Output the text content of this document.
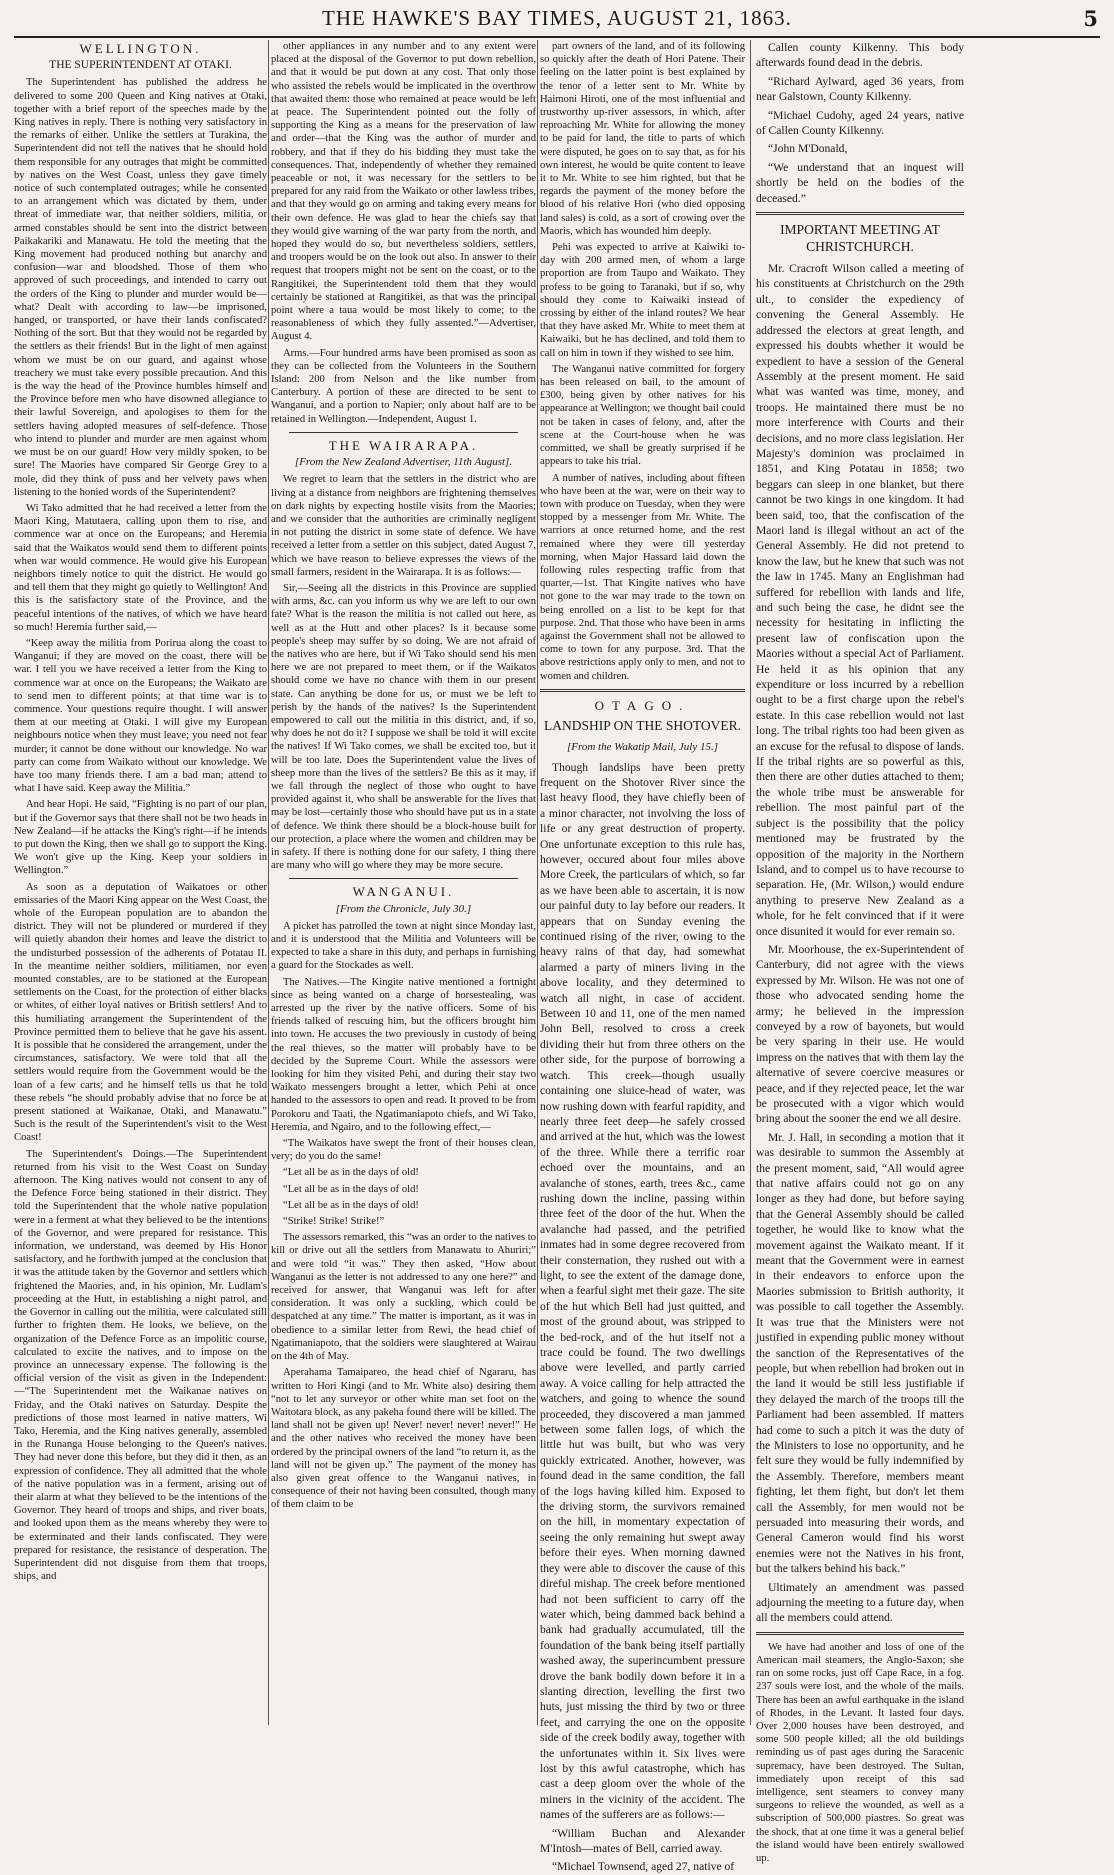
THE HAWKE'S BAY TIMES, AUGUST 21, 1863.	5
WELLINGTON.
THE SUPERINTENDENT AT OTAKI.

The Superintendent has published the address he delivered to some 200 Queen and King natives at Otaki, together with a brief report of the speeches made by the King natives in reply. There is nothing very satisfactory in the remarks of either. Unlike the settlers at Turakina, the Superintendent did not tell the natives that he should hold them responsible for any outrages that might be committed by natives on the West Coast, unless they gave timely notice of such contemplated outrages; while he consented to an arrangement which was dictated by them, under threat of immediate war, that neither soldiers, militia, or armed constables should be sent into the district between Paikakariki and Manawatu. He told the meeting that the King movement had produced nothing but anarchy and confusion—war and bloodshed. Those of them who approved of such proceedings, and intended to carry out the orders of the King to plunder and murder would be—what? Dealt with according to law—be imprisoned, hanged, or transported, or have their lands confiscated? Nothing of the sort. But that they would not be regarded by the settlers as their friends! But in the light of men against whom we must be on our guard, and against whose treachery we must take every possible precaution. And this is the way the head of the Province humbles himself and the Province before men who have disowned allegiance to their lawful Sovereign, and apologises to them for the settlers having adopted measures of self-defence. Those who intend to plunder and murder are men against whom we must be on our guard! How very mildly spoken, to be sure! The Maories have compared Sir George Grey to a mole, did they think of puss and her velvety paws when listening to the honied words of the Superintendent?

Wi Tako admitted that he had received a letter from the Maori King, Matutaera, calling upon them to rise, and commence war at once on the Europeans; and Heremia said that the Waikatos would send them to different points when war would commence. He would give his European neighbors timely notice to quit the district. He would go and tell them that they might go quietly to Wellington! And this is the satisfactory state of the Province, and the peaceful intentions of the natives, of which we have heard so much! Heremia further said,—

“Keep away the militia from Porirua along the coast to Wanganui; if they are moved on the coast, there will be war. I tell you we have received a letter from the King to commence war at once on the Europeans; the Waikato are to send men to different points; at that time war is to commence. Your questions require thought. I will answer them at our meeting at Otaki. I will give my European neighbours notice when they must leave; you need not fear murder; it cannot be done without our knowledge. No war party can come from Waikato without our knowledge. We have too many friends there. I am a bad man; attend to what I have said. Keep away the Militia.”

And hear Hopi. He said, “Fighting is no part of our plan, but if the Governor says that there shall not be two heads in New Zealand—if he attacks the King's right—if he intends to put down the King, then we shall go to support the King. We won't give up the King. Keep your soldiers in Wellington.”

As soon as a deputation of Waikatoes or other emissaries of the Maori King appear on the West Coast, the whole of the European population are to abandon the district. They will not be plundered or murdered if they will quietly abandon their homes and leave the district to the undisturbed possession of the adherents of Potatau II. In the meantime neither soldiers, militiamen, nor even mounted constables, are to be stationed at the European settlements on the Coast, for the protection of either blacks or whites, of either loyal natives or British settlers! And to this humiliating arrangement the Superintendent of the Province permitted them to believe that he gave his assent. It is possible that he considered the arrangement, under the circumstances, satisfactory. We were told that all the settlers would require from the Government would be the loan of a few carts; and he himself tells us that he told these rebels “he should probably advise that no force be at present stationed at Waikanae, Otaki, and Manawatu.” Such is the result of the Superintendent's visit to the West Coast!

The Superintendent's Doings.—The Superintendent returned from his visit to the West Coast on Sunday afternoon. The King natives would not consent to any of the Defence Force being stationed in their district. They told the Superintendent that the whole native population were in a ferment at what they believed to be the intentions of the Governor, and were prepared for resistance. This information, we understand, was deemed by His Honor satisfactory, and he forthwith jumped at the conclusion that it was the attitude taken by the Governor and settlers which frightened the Maories, and, in his opinion, Mr. Ludlam's proceeding at the Hutt, in establishing a night patrol, and the Governor in calling out the militia, were calculated still further to frighten them. He looks, we believe, on the organization of the Defence Force as an impolitic course, calculated to excite the natives, and to impose on the province an unnecessary expense. The following is the official version of the visit as given in the Independent:—“The Superintendent met the Waikanae natives on Friday, and the Otaki natives on Saturday. Despite the predictions of those most learned in native matters, Wi Tako, Heremia, and the King natives generally, assembled in the Runanga House belonging to the Queen's natives. They had never done this before, but they did it then, as an expression of confidence. They all admitted that the whole of the native population was in a ferment, arising out of their alarm at what they believed to be the intentions of the Governor. They heard of troops and ships, and river boats, and looked upon them as the means whereby they were to be exterminated and their lands confiscated. They were prepared for resistance, the resistance of desperation. The Superintendent did not disguise from them that troops, ships, and

other appliances in any number and to any extent were placed at the disposal of the Governor to put down rebellion, and that it would be put down at any cost. That only those who assisted the rebels would be implicated in the overthrow that awaited them: those who remained at peace would be left at peace. The Superintendent pointed out the folly of supporting the King as a means for the preservation of law and order—that the King was the author of murder and robbery, and that if they do his bidding they must take the consequences. That, independently of whether they remained peaceable or not, it was necessary for the settlers to be prepared for any raid from the Waikato or other lawless tribes, and that they would go on arming and taking every means for their own defence. He was glad to hear the chiefs say that they would give warning of the war party from the north, and hoped they would do so, but nevertheless soldiers, settlers, and troopers would be on the look out also. In answer to their request that troopers might not be sent on the coast, or to the Rangitikei, the Superintendent told them that they would certainly be stationed at Rangitikei, as that was the principal point where a taua would be most likely to come; to the reasonableness of which they fully assented.”—Advertiser, August 4.

Arms.—Four hundred arms have been promised as soon as they can be collected from the Volunteers in the Southern Island: 200 from Nelson and the like number from Canterbury. A portion of these are directed to be sent to Wanganui, and a portion to Napier; only about half are to be retained in Wellington.—Independent, August 1.

THE WAIRARAPA.
[From the New Zealand Advertiser, 11th August].

We regret to learn that the settlers in the district who are living at a distance from neighbors are frightening themselves on dark nights by expecting hostile visits from the Maories; and we consider that the authorities are criminally negligent in not putting the district in some state of defence. We have received a letter from a settler on this subject, dated August 7, which we have reason to believe expresses the views of the small farmers, resident in the Wairarapa. It is as follows:—

Sir,—Seeing all the districts in this Province are supplied with arms, &c. can you inform us why we are left to our own fate? What is the reason the militia is not called out here, as well as at the Hutt and other places? Is it because some people's sheep may suffer by so doing. We are not afraid of the natives who are here, but if Wi Tako should send his men here we are not prepared to meet them, or if the Waikatos should come we have no chance with them in our present state. Can anything be done for us, or must we be left to perish by the hands of the natives? Is the Superintendent empowered to call out the militia in this district, and, if so, why does he not do it? I suppose we shall be told it will excite the natives! If Wi Tako comes, we shall be excited too, but it will be too late. Does the Superintendent value the lives of sheep more than the lives of the settlers? Be this as it may, if we fall through the neglect of those who ought to have provided against it, who shall be answerable for the lives that may be lost—certainly those who should have put us in a state of defence. We think there should be a block-house built for our protection, a place where the women and children may be in safety. If there is nothing done for our safety, I thing there are many who will go where they may be more secure.

WANGANUI.
[From the Chronicle, July 30.]

A picket has patrolled the town at night since Monday last, and it is understood that the Militia and Volunteers will be expected to take a share in this duty, and perhaps in furnishing a guard for the Stockades as well.

The Natives.—The Kingite native mentioned a fortnight since as being wanted on a charge of horsestealing, was arrested up the river by the native officers. Some of his friends talked of rescuing him, but the officers brought him into town. He accuses the two previously in custody of being the real thieves, so the matter will probably have to be decided by the Supreme Court. While the assessors were looking for him they visited Pehi, and during their stay two Waikato messengers brought a letter, which Pehi at once handed to the assessors to open and read. It proved to be from Porokoru and Taati, the Ngatimaniapoto chiefs, and Wi Tako, Heremia, and Ngairo, and to the following effect,—

“The Waikatos have swept the front of their houses clean, very; do you do the same!

“Let all be as in the days of old!

“Let all be as in the days of old!

“Let all be as in the days of old!

“Strike! Strike! Strike!”

The assessors remarked, this “was an order to the natives to kill or drive out all the settlers from Manawatu to Ahuriri;” and were told “it was.” They then asked, “How about Wanganui as the letter is not addressed to any one here?” and received for answer, that Wanganui was left for after consideration. It was only a suckling, which could be despatched at any time.” The matter is important, as it was in obedience to a similar letter from Rewi, the head chief of Ngatimaniapoto, that the soldiers were slaughtered at Wairau on the 4th of May.

Aperahama Tamaipareo, the head chief of Ngararu, has written to Hori Kingi (and to Mr. White also) desiring them “not to let any surveyor or other white man set foot on the Waitotara block, as any pakeha found there will be killed. The land shall not be given up! Never! never! never! never!” He and the other natives who received the money have been ordered by the principal owners of the land “to return it, as the land will not be given up.” The payment of the money has also given great offence to the Wanganui natives, in consequence of their not having been consulted, though many of them claim to be

part owners of the land, and of its following so quickly after the death of Hori Patene. Their feeling on the latter point is best explained by the tenor of a letter sent to Mr. White by Haimoni Hiroti, one of the most influential and trustworthy up-river assessors, in which, after reproaching Mr. White for allowing the money to be paid for land, the title to parts of which were disputed, he goes on to say that, as for his own interest, he would be quite content to leave it to Mr. White to see him righted, but that he regards the payment of the money before the blood of his relative Hori (who died opposing land sales) is cold, as a sort of crowing over the Maoris, which has wounded him deeply.

Pehi was expected to arrive at Kaiwiki to-day with 200 armed men, of whom a large proportion are from Taupo and Waikato. They profess to be going to Taranaki, but if so, why should they come to Kaiwaiki instead of crossing by either of the inland routes? We hear that they have asked Mr. White to meet them at Kaiwaiki, but he has declined, and told them to call on him in town if they wished to see him.

The Wanganui native committed for forgery has been released on bail, to the amount of £300, being given by other natives for his appearance at Wellington; we thought bail could not be taken in cases of felony, and, after the scene at the Court-house when he was committed, we shall be greatly surprised if he appears to take his trial.

A number of natives, including about fifteen who have been at the war, were on their way to town with produce on Tuesday, when they were stopped by a messenger from Mr. White. The warriors at once returned home, and the rest remained where they were till yesterday morning, when Major Hassard laid down the following rules respecting traffic from that quarter,—1st. That Kingite natives who have not gone to the war may trade to the town on being enrolled on a list to be kept for that purpose. 2nd. That those who have been in arms against the Government shall not be allowed to come to town for any purpose. 3rd. That the above restrictions apply only to men, and not to women and children.

OTAGO.
LANDSHIP ON THE SHOTOVER.
[From the Wakatip Mail, July 15.]

Though landslips have been pretty frequent on the Shotover River since the last heavy flood, they have chiefly been of a minor character, not involving the loss of life or any great destruction of property. One unfortunate exception to this rule has, however, occured about four miles above More Creek, the particulars of which, so far as we have been able to ascertain, it is now our painful duty to lay before our readers. It appears that on Sunday evening the continued rising of the river, owing to the heavy rains of that day, had somewhat alarmed a party of miners living in the above locality, and they determined to watch all night, in case of accident. Between 10 and 11, one of the men named John Bell, resolved to cross a creek dividing their hut from three others on the other side, for the purpose of borrowing a watch. This creek—though usually containing one sluice-head of water, was now rushing down with fearful rapidity, and nearly three feet deep—he safely crossed and arrived at the hut, which was the lowest of the three. While there a terrific roar echoed over the mountains, and an avalanche of stones, earth, trees &c., came rushing down the incline, passing within three feet of the door of the hut. When the avalanche had passed, and the petrified inmates had in some degree recovered from their consternation, they rushed out with a light, to see the extent of the damage done, when a fearful sight met their gaze. The site of the hut which Bell had just quitted, and most of the ground about, was stripped to the bed-rock, and of the hut itself not a trace could be found. The two dwellings above were levelled, and partly carried away. A voice calling for help attracted the watchers, and going to whence the sound proceeded, they discovered a man jammed between some fallen logs, of which the little hut was built, but who was very quickly extricated. Another, however, was found dead in the same condition, the fall of the logs having killed him. Exposed to the driving storm, the survivors remained on the hill, in momentary expectation of seeing the only remaining hut swept away before their eyes. When morning dawned they were able to discover the cause of this direful mishap. The creek before mentioned had not been sufficient to carry off the water which, being dammed back behind a bank had gradually accumulated, till the foundation of the bank being itself partially washed away, the superincumbent pressure drove the bank bodily down before it in a slanting direction, levelling the first two huts, just missing the third by two or three feet, and carrying the one on the opposite side of the creek bodily away, together with the unfortunates within it. Six lives were lost by this awful catastrophe, which has cast a deep gloom over the whole of the miners in the vicinity of the accident. The names of the sufferers are as follows:—

“William Buchan and Alexander M'Intosh—mates of Bell, carried away.

“Michael Townsend, aged 27, native of

Callen county Kilkenny. This body afterwards found dead in the debris.

“Richard Aylward, aged 36 years, from near Galstown, County Kilkenny.

“Michael Cudohy, aged 24 years, native of Callen County Kilkenny.

“John M'Donald,

“We understand that an inquest will shortly be held on the bodies of the deceased.”

IMPORTANT MEETING AT CHRISTCHURCH.

Mr. Cracroft Wilson called a meeting of his constituents at Christchurch on the 29th ult., to consider the expediency of convening the General Assembly. He addressed the electors at great length, and expressed his doubts whether it would be expedient to have a session of the General Assembly at the present moment. He said what was wanted was time, money, and troops. He maintained there must be no more interference with Courts and their decisions, and no more class legislation. Her Majesty's dominion was proclaimed in 1851, and King Potatau in 1858; two beggars can sleep in one blanket, but there cannot be two kings in one kingdom. It had been said, too, that the confiscation of the Maori land is illegal without an act of the General Assembly. He did not pretend to know the law, but he knew that such was not the law in 1745. Many an Englishman had suffered for rebellion with lands and life, and such being the case, he didnt see the necessity for hesitating in inflicting the present law of confiscation upon the Maories without a special Act of Parliament. He held it as his opinion that any expenditure or loss incurred by a rebellion ought to be a first charge upon the rebel's estate. In this case rebellion would not last long. The tribal rights too had been given as an excuse for the refusal to dispose of lands. If the tribal rights are so powerful as this, then there are other duties attached to them; the whole tribe must be answerable for rebellion. The most painful part of the subject is the possibility that the policy mentioned may be frustrated by the opposition of the majority in the Northern Island, and to compel us to have recourse to separation. He, (Mr. Wilson,) would endure anything to preserve New Zealand as a whole, for he felt convinced that if it were once disunited it would for ever remain so.

Mr. Moorhouse, the ex-Superintendent of Canterbury, did not agree with the views expressed by Mr. Wilson. He was not one of those who advocated sending home the army; he believed in the impression conveyed by a row of bayonets, but would be very sparing in their use. He would impress on the natives that with them lay the alternative of severe coercive measures or peace, and if they rejected peace, let the war be prosecuted with a vigor which would bring about the sooner the end we all desire.

Mr. J. Hall, in seconding a motion that it was desirable to summon the Assembly at the present moment, said, “All would agree that native affairs could not go on any longer as they had done, but before saying that the General Assembly should be called together, he would like to know what the movement against the Waikato meant. If it meant that the Government were in earnest in their endeavors to enforce upon the Maories submission to British authority, it was possible to call together the Assembly. It was true that the Ministers were not justified in expending public money without the sanction of the Representatives of the people, but when rebellion had broken out in the land it would be still less justifiable if they delayed the march of the troops till the Parliament had been assembled. If matters had come to such a pitch it was the duty of the Ministers to lose no opportunity, and he felt sure they would be fully indemnified by the Assembly. Therefore, members meant fighting, let them fight, but don't let them call the Assembly, for men would not be persuaded into measuring their words, and General Cameron would find his worst enemies were not the Natives in his front, but the talkers behind his back.”

Ultimately an amendment was passed adjourning the meeting to a future day, when all the members could attend.

We have had another and loss of one of the American mail steamers, the Anglo-Saxon; she ran on some rocks, just off Cape Race, in a fog. 237 souls were lost, and the whole of the mails. There has been an awful earthquake in the island of Rhodes, in the Levant. It lasted four days. Over 2,000 houses have been destroyed, and some 500 people killed; all the old buildings reminding us of past ages during the Saracenic supremacy, have been destroyed. The Sultan, immediately upon receipt of this sad intelligence, sent steamers to convey many surgeons to relieve the wounded, as well as a subscription of 500,000 piastres. So great was the shock, that at one time it was a general belief the island would have been entirely swallowed up.
